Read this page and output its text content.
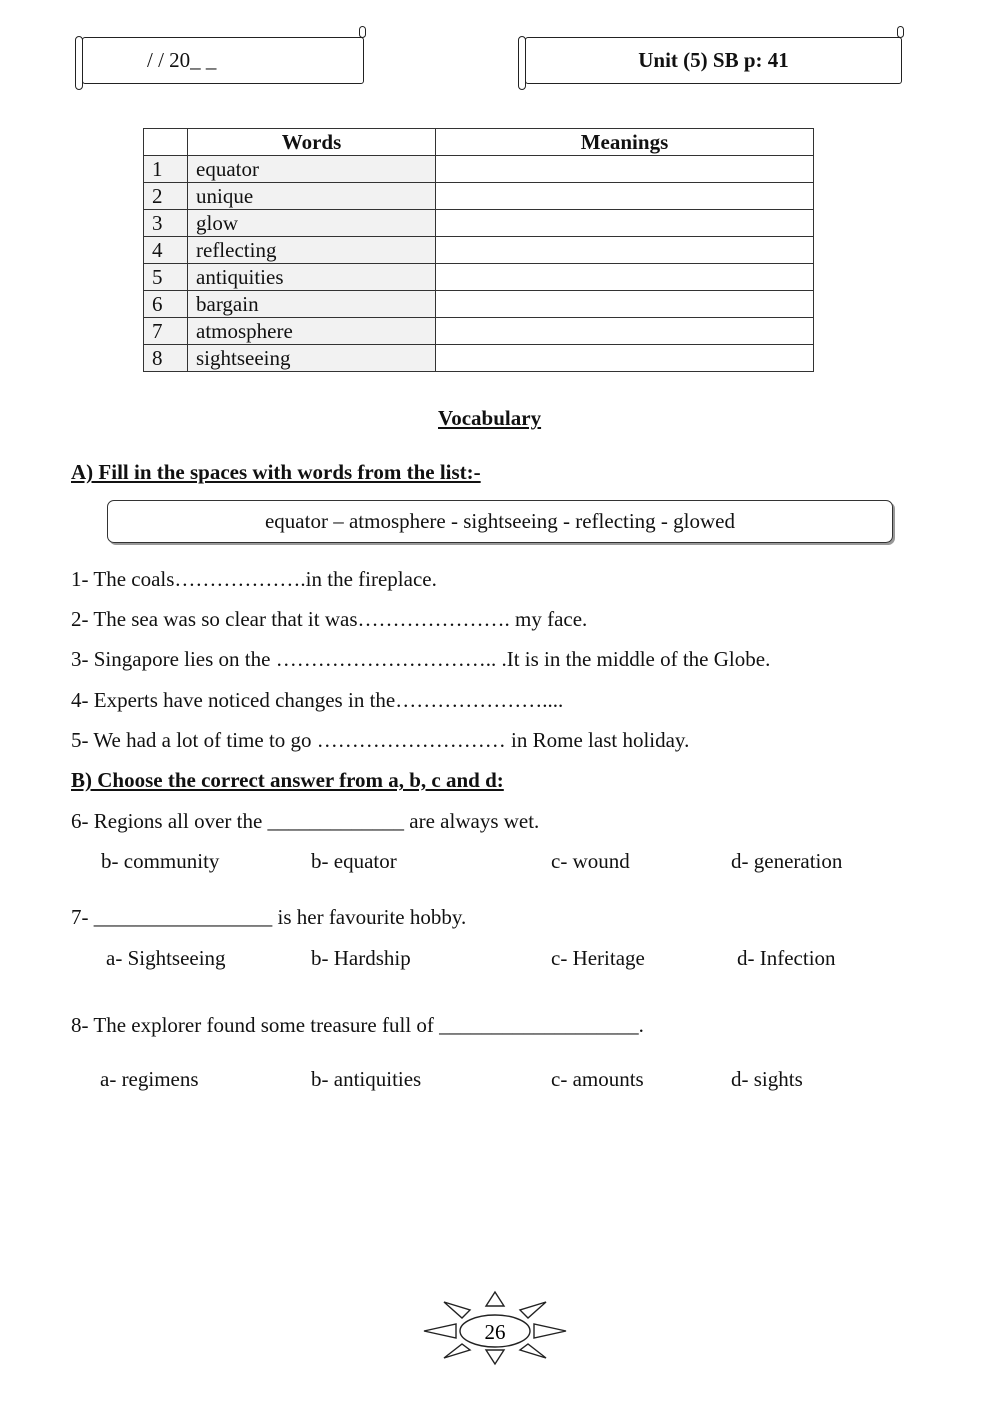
/ / 20_ _	Unit (5) SB p: 41
	Words	Meanings
1	equator	
2	unique	
3	glow	
4	reflecting	
5	antiquities	
6	bargain	
7	atmosphere	
8	sightseeing	
Vocabulary
A) Fill in the spaces with words from the list:-
equator – atmosphere - sightseeing - reflecting - glowed
1- The coals……………….in the fireplace.
2- The sea was so clear that it was…………………. my face.
3- Singapore lies on the ………………………….. .It is in the middle of the Globe.
4- Experts have noticed changes in the…………………....
5- We had a lot of time to go ……………………… in Rome last holiday.
B) Choose the correct answer from a, b, c and d:
6- Regions all over the _____________ are always wet.
b- community	b- equator	c- wound	d- generation
7- _________________ is her favourite hobby.
a- Sightseeing	b- Hardship	c- Heritage	d- Infection
8- The explorer found some treasure full of ___________________.
a- regimens	b- antiquities	c- amounts	d- sights
26
